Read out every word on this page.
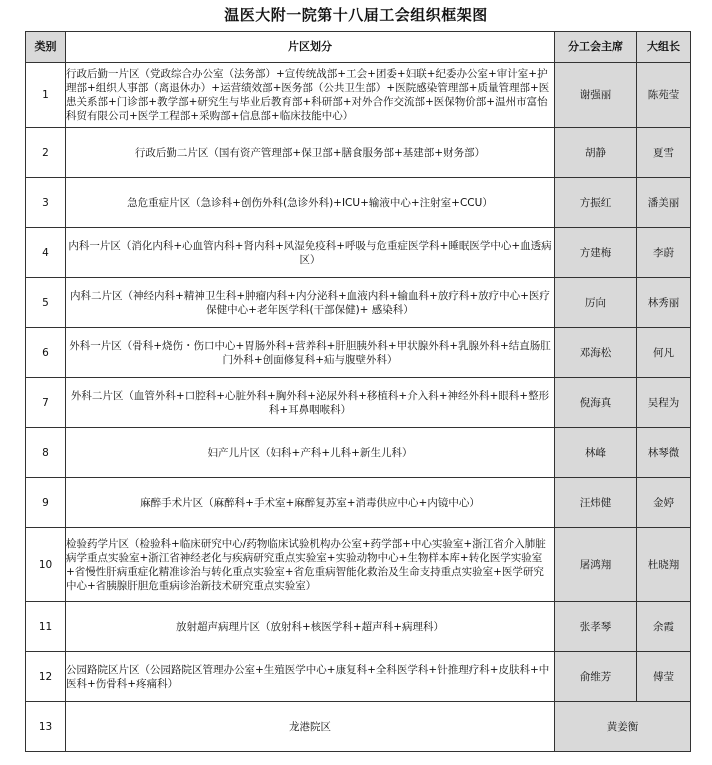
温医大附一院第十八届工会组织框架图
类别	片区划分	分工会主席	大组长
1	行政后勤一片区（党政综合办公室（法务部）+宣传统战部+工会+团委+妇联+纪委办公室+审计室+护理部+组织人事部（离退休办）+运营绩效部+医务部（公共卫生部）+医院感染管理部+质量管理部+医患关系部+门诊部+教学部+研究生与毕业后教育部+科研部+对外合作交流部+医保物价部+温州市富怡科贸有限公司+医学工程部+采购部+信息部+临床技能中心）	谢强丽	陈苑莹
2	行政后勤二片区（国有资产管理部+保卫部+膳食服务部+基建部+财务部）	胡静	夏雪
3	急危重症片区（急诊科+创伤外科(急诊外科)+ICU+输液中心+注射室+CCU）	方振红	潘美丽
4	内科一片区（消化内科+心血管内科+肾内科+风湿免疫科+呼吸与危重症医学科+睡眠医学中心+血透病区）	方建梅	李蔚
5	内科二片区（神经内科+精神卫生科+肿瘤内科+内分泌科+血液内科+输血科+放疗科+放疗中心+医疗保健中心+老年医学科(干部保健)+ 感染科）	厉向	林秀丽
6	外科一片区（骨科+烧伤・伤口中心+胃肠外科+营养科+肝胆胰外科+甲状腺外科+乳腺外科+结直肠肛门外科+创面修复科+疝与腹壁外科）	邓海松	何凡
7	外科二片区（血管外科+口腔科+心脏外科+胸外科+泌尿外科+移植科+介入科+神经外科+眼科+整形科+耳鼻咽喉科）	倪海真	吴程为
8	妇产儿片区（妇科+产科+儿科+新生儿科）	林峰	林琴微
9	麻醉手术片区（麻醉科+手术室+麻醉复苏室+消毒供应中心+内镜中心）	汪炜健	金婷
10	检验药学片区（检验科+临床研究中心/药物临床试验机构办公室+药学部+中心实验室+浙江省介入肺脏病学重点实验室+浙江省神经老化与疾病研究重点实验室+实验动物中心+生物样本库+转化医学实验室+省慢性肝病重症化精准诊治与转化重点实验室+省危重病智能化救治及生命支持重点实验室+医学研究中心+省胰腺肝胆危重病诊治新技术研究重点实验室）	屠鸿翔	杜晓翔
11	放射超声病理片区（放射科+核医学科+超声科+病理科）	张孝琴	余霞
12	公园路院区片区（公园路院区管理办公室+生殖医学中心+康复科+全科医学科+针推理疗科+皮肤科+中医科+伤骨科+疼痛科）	俞维芳	傅莹
13	龙港院区	黄姜衡	
